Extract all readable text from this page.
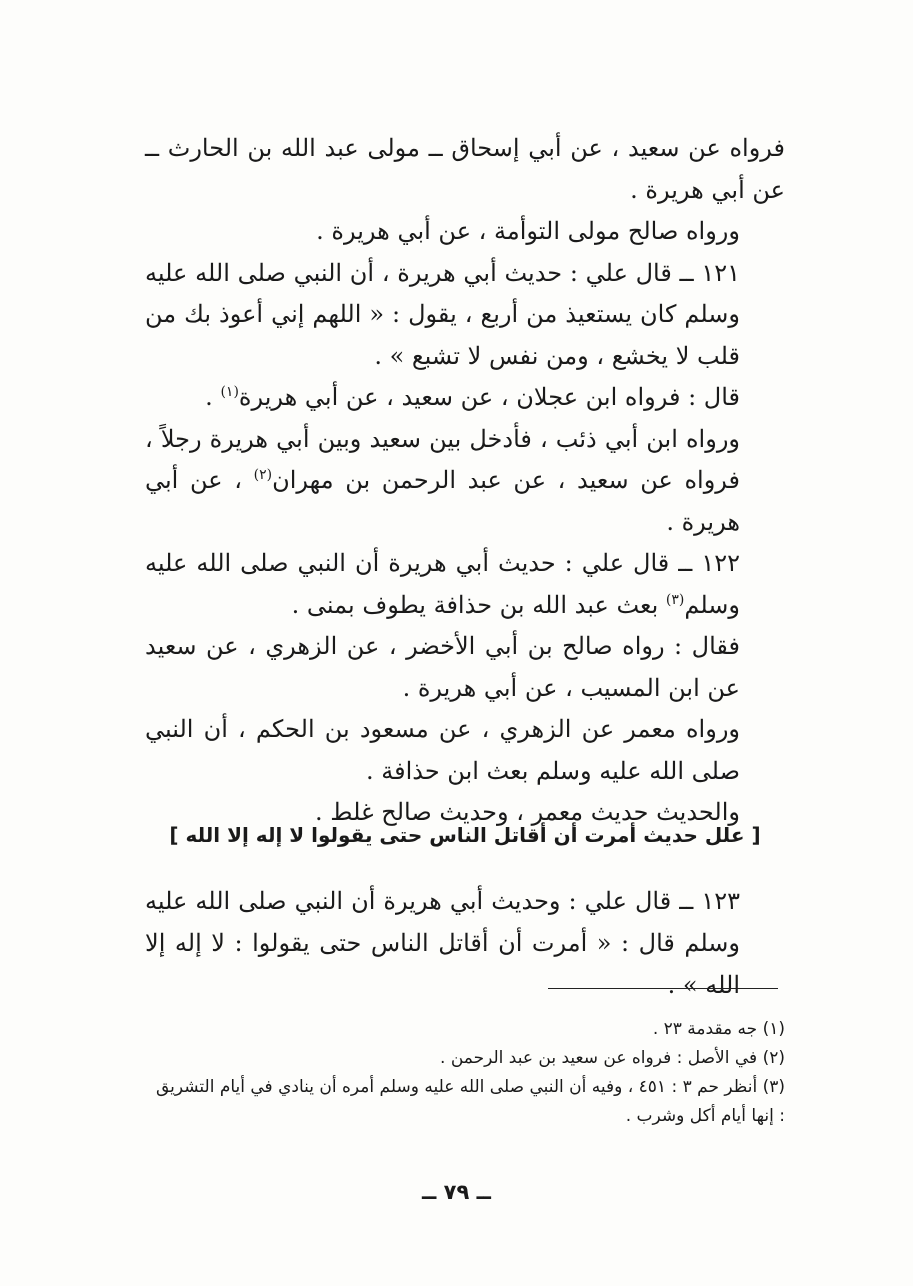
فرواه عن سعيد ، عن أبي إسحاق ــ مولى عبد الله بن الحارث ــ عن أبي هريرة .

ورواه صالح مولى التوأمة ، عن أبي هريرة .

١٢١ ــ قال علي : حديث أبي هريرة ، أن النبي صلى الله عليه وسلم كان يستعيذ من أربع ، يقول : « اللهم إني أعوذ بك من قلب لا يخشع ، ومن نفس لا تشبع » .

قال : فرواه ابن عجلان ، عن سعيد ، عن أبي هريرة$^{(١)}$ .

ورواه ابن أبي ذئب ، فأدخل بين سعيد وبين أبي هريرة رجلاً ، فرواه عن سعيد ، عن عبد الرحمن بن مهران$^{(٢)}$ ، عن أبي هريرة .

١٢٢ ــ قال علي : حديث أبي هريرة أن النبي صلى الله عليه وسلم$^{(٣)}$ بعث عبد الله بن حذافة يطوف بمنى .

فقال : رواه صالح بن أبي الأخضر ، عن الزهري ، عن سعيد عن ابن المسيب ، عن أبي هريرة .

ورواه معمر عن الزهري ، عن مسعود بن الحكم ، أن النبي صلى الله عليه وسلم بعث ابن حذافة .

والحديث حديث معمر ، وحديث صالح غلط .

[ علل حديث أمرت أن أقاتل الناس حتى يقولوا لا إله إلا الله ]

١٢٣ ــ قال علي : وحديث أبي هريرة أن النبي صلى الله عليه وسلم قال : « أمرت أن أقاتل الناس حتى يقولوا : لا إله إلا الله » .

(١) جه مقدمة ٢٣ .

(٢) في الأصل : فرواه عن سعيد بن عبد الرحمن .

(٣) أنظر حم ٣ : ٤٥١ ، وفيه أن النبي صلى الله عليه وسلم أمره أن ينادي في أيام التشريق : إنها أيام أكل وشرب .

ــ ٧٩ ــ
